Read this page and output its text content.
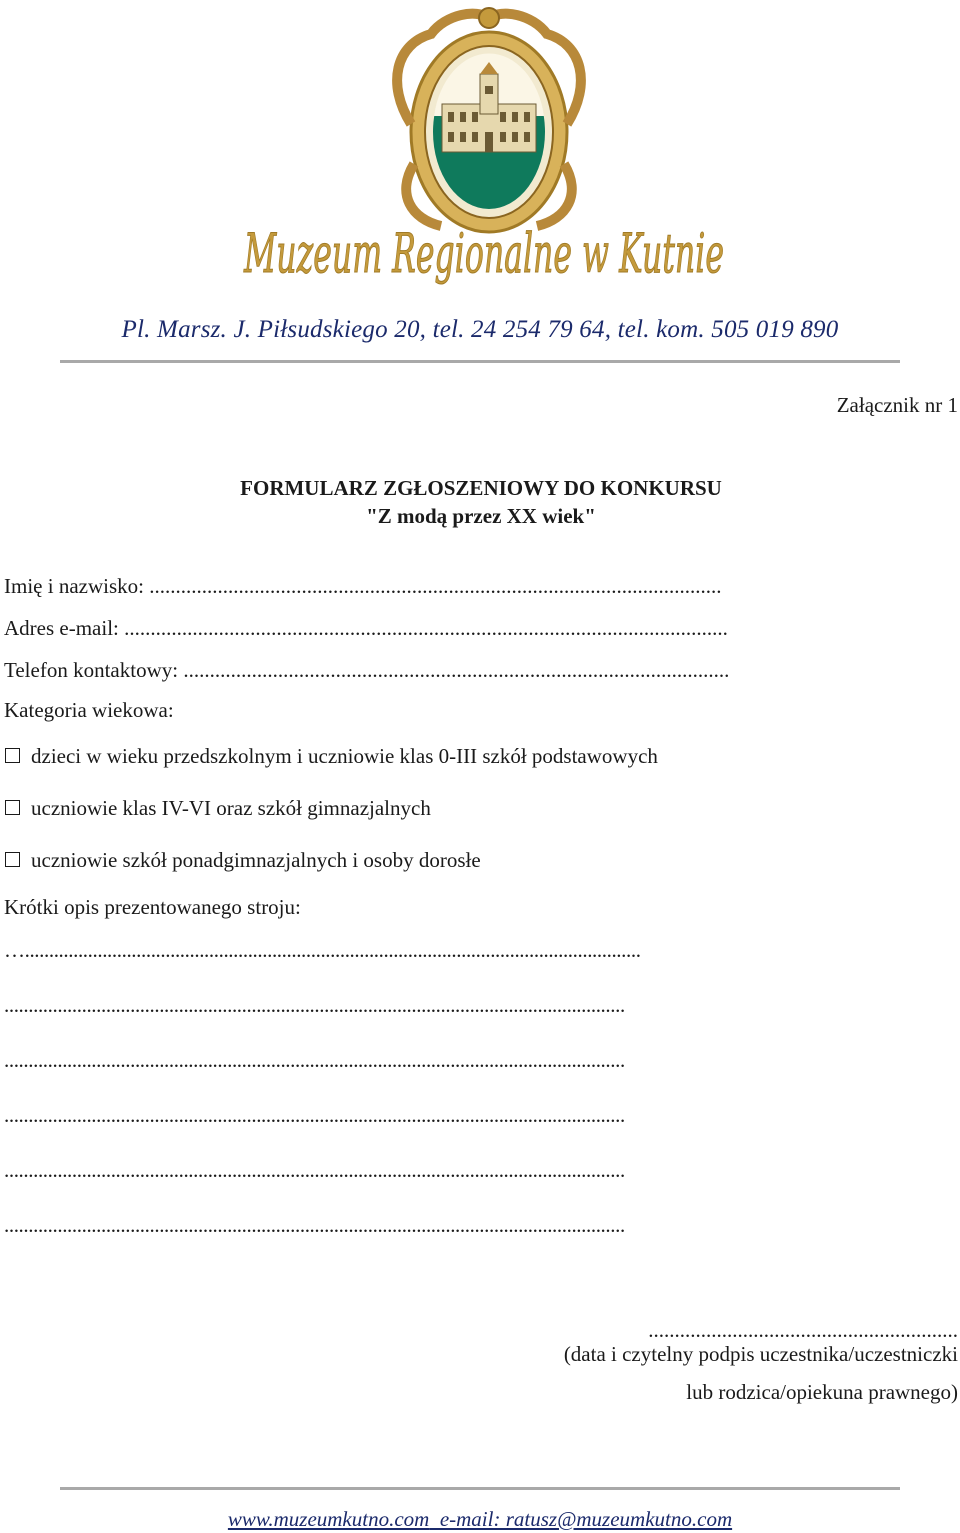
Muzeum Regionalne w Kutnie
Pl. Marsz. J. Piłsudskiego 20, tel. 24 254 79 64, tel. kom. 505 019 890
Załącznik nr 1
FORMULARZ ZGŁOSZENIOWY DO KONKURSU
"Z modą przez XX wiek"
Imię i nazwisko: .............................................................................................................
Adres e-mail: ...................................................................................................................
Telefon kontaktowy: ........................................................................................................
Kategoria wiekowa:
dzieci w wieku przedszkolnym i uczniowie klas 0-III szkół podstawowych
uczniowie klas IV-VI oraz szkół gimnazjalnych
uczniowie szkół ponadgimnazjalnych i osoby dorosłe
Krótki opis prezentowanego stroju:
…...............................................................................................................................
................................................................................................................................
................................................................................................................................
................................................................................................................................
................................................................................................................................
................................................................................................................................
...........................................................
(data i czytelny podpis uczestnika/uczestniczki
lub rodzica/opiekuna prawnego)
www.muzeumkutno.com  e-mail: ratusz@muzeumkutno.com
